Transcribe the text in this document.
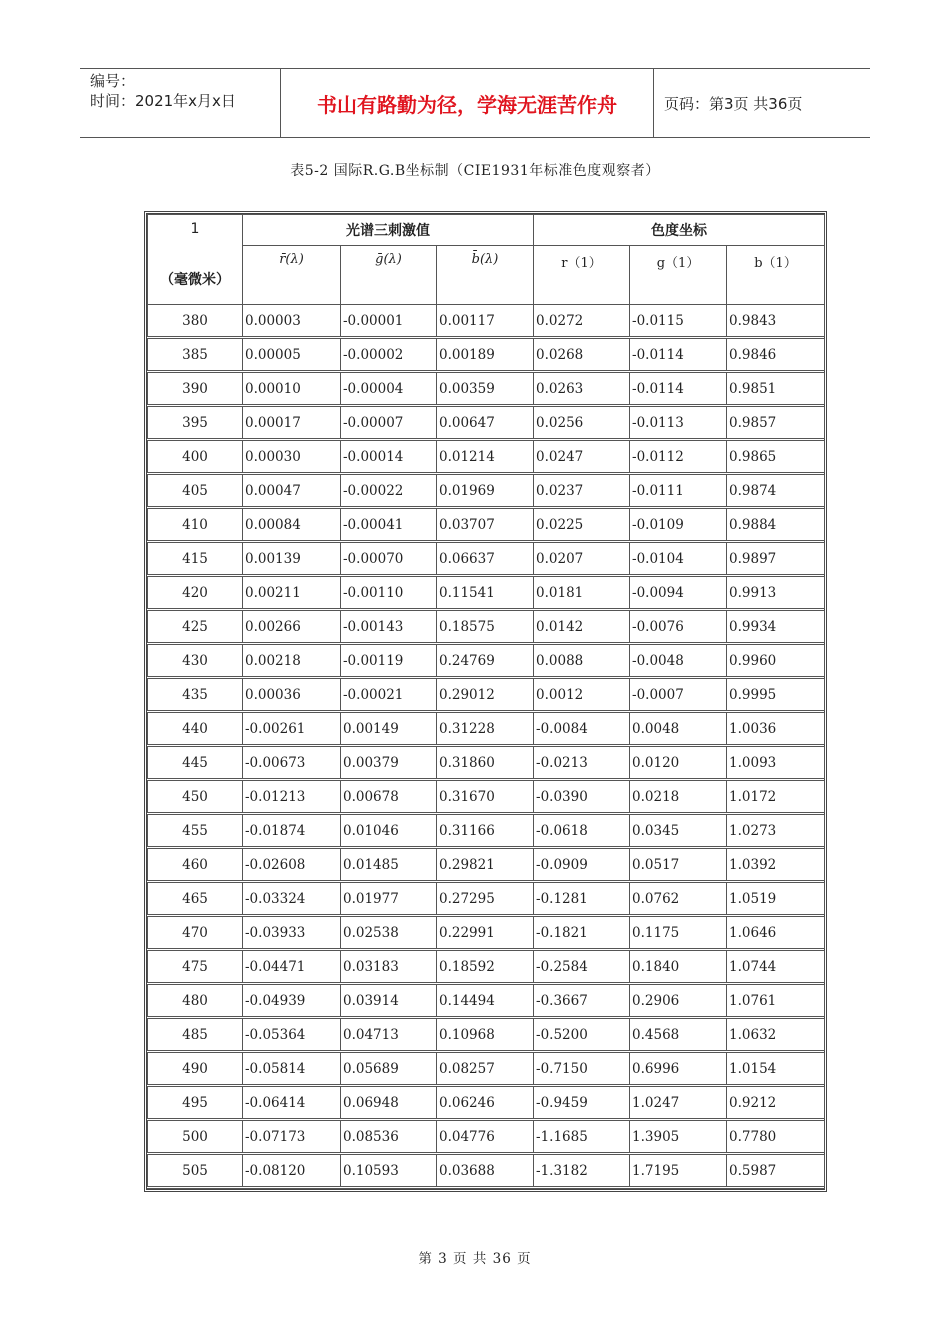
编号：
时间：2021年x月x日	书山有路勤为径，学海无涯苦作舟	页码：第3页 共36页
表5-2 国际R.G.B坐标制（CIE1931年标准色度观察者）
1
（毫微米）	光谱三刺激值			色度坐标		
	r̄(λ)	ḡ(λ)	b̄(λ)	r（1）	g（1）	b（1）
380	0.00003	-0.00001	0.00117	0.0272	-0.0115	0.9843
385	0.00005	-0.00002	0.00189	0.0268	-0.0114	0.9846
390	0.00010	-0.00004	0.00359	0.0263	-0.0114	0.9851
395	0.00017	-0.00007	0.00647	0.0256	-0.0113	0.9857
400	0.00030	-0.00014	0.01214	0.0247	-0.0112	0.9865
405	0.00047	-0.00022	0.01969	0.0237	-0.0111	0.9874
410	0.00084	-0.00041	0.03707	0.0225	-0.0109	0.9884
415	0.00139	-0.00070	0.06637	0.0207	-0.0104	0.9897
420	0.00211	-0.00110	0.11541	0.0181	-0.0094	0.9913
425	0.00266	-0.00143	0.18575	0.0142	-0.0076	0.9934
430	0.00218	-0.00119	0.24769	0.0088	-0.0048	0.9960
435	0.00036	-0.00021	0.29012	0.0012	-0.0007	0.9995
440	-0.00261	0.00149	0.31228	-0.0084	0.0048	1.0036
445	-0.00673	0.00379	0.31860	-0.0213	0.0120	1.0093
450	-0.01213	0.00678	0.31670	-0.0390	0.0218	1.0172
455	-0.01874	0.01046	0.31166	-0.0618	0.0345	1.0273
460	-0.02608	0.01485	0.29821	-0.0909	0.0517	1.0392
465	-0.03324	0.01977	0.27295	-0.1281	0.0762	1.0519
470	-0.03933	0.02538	0.22991	-0.1821	0.1175	1.0646
475	-0.04471	0.03183	0.18592	-0.2584	0.1840	1.0744
480	-0.04939	0.03914	0.14494	-0.3667	0.2906	1.0761
485	-0.05364	0.04713	0.10968	-0.5200	0.4568	1.0632
490	-0.05814	0.05689	0.08257	-0.7150	0.6996	1.0154
495	-0.06414	0.06948	0.06246	-0.9459	1.0247	0.9212
500	-0.07173	0.08536	0.04776	-1.1685	1.3905	0.7780
505	-0.08120	0.10593	0.03688	-1.3182	1.7195	0.5987
第 3 页 共 36 页
